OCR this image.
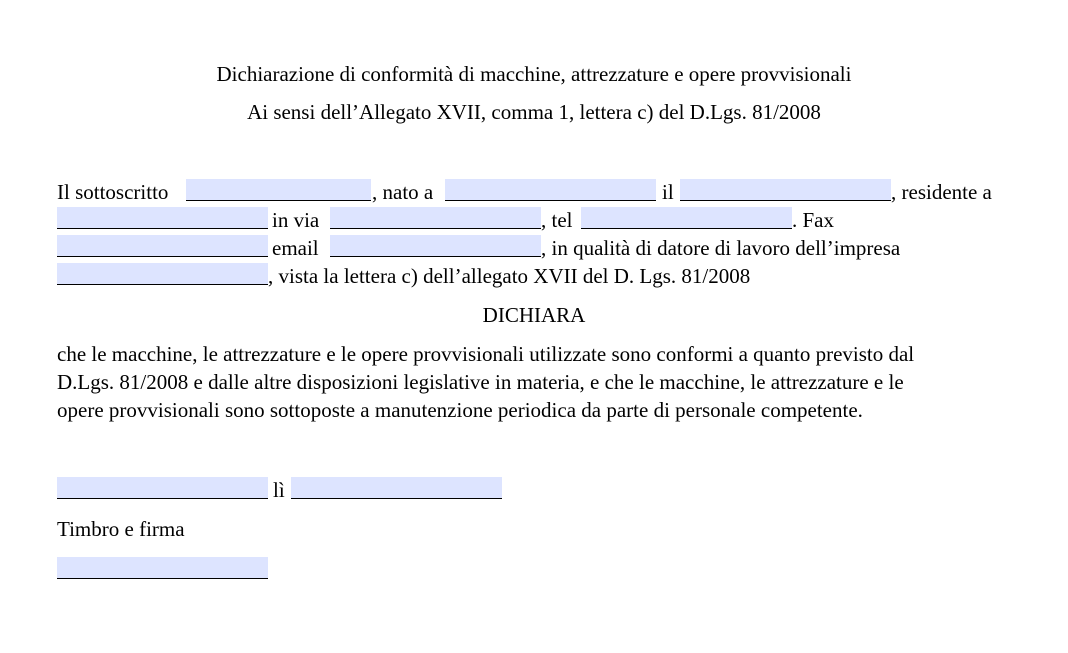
Dichiarazione di conformità di macchine, attrezzature e opere provvisionali
Ai sensi dell’Allegato XVII, comma 1, lettera c) del D.Lgs. 81/2008
Il sottoscritto	, nato a	il	, residente a
in via	, tel	. Fax
email	, in qualità di datore di lavoro dell’impresa
, vista la lettera c) dell’allegato XVII del D. Lgs. 81/2008
DICHIARA
che le macchine, le attrezzature e le opere provvisionali utilizzate sono conformi a quanto previsto dal
D.Lgs. 81/2008 e dalle altre disposizioni legislative in materia, e che le macchine, le attrezzature e le
opere provvisionali sono sottoposte a manutenzione periodica da parte di personale competente.
lì
Timbro e firma
